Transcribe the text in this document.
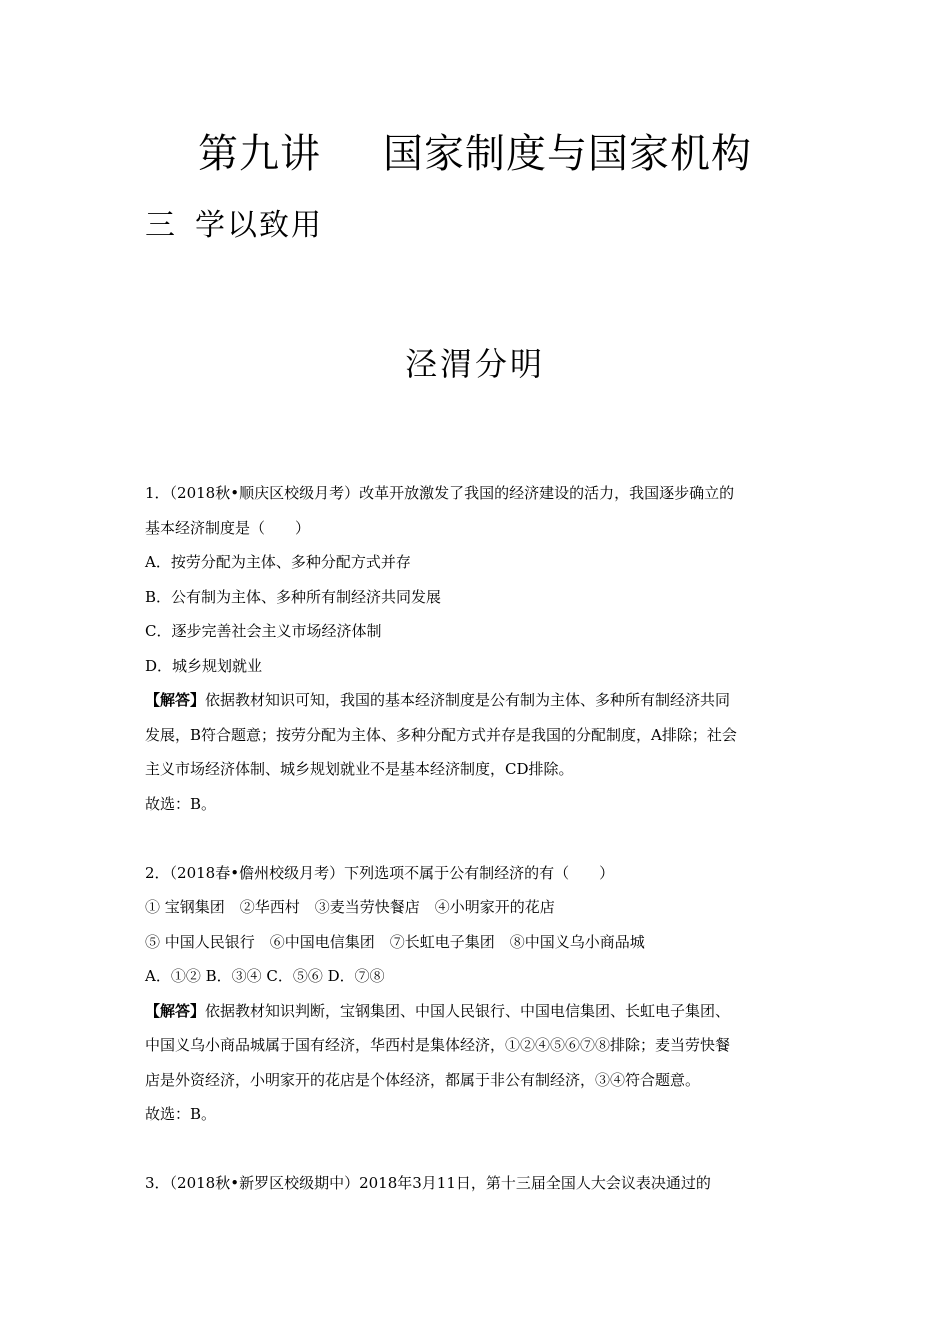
第九讲 国家制度与国家机构
三 学以致用
泾渭分明
1．（2018秋•顺庆区校级月考）改革开放激发了我国的经济建设的活力，我国逐步确立的
基本经济制度是（　　）
A．按劳分配为主体、多种分配方式并存
B．公有制为主体、多种所有制经济共同发展
C．逐步完善社会主义市场经济体制
D．城乡规划就业
【解答】依据教材知识可知，我国的基本经济制度是公有制为主体、多种所有制经济共同
发展，B符合题意；按劳分配为主体、多种分配方式并存是我国的分配制度，A排除；社会
主义市场经济体制、城乡规划就业不是基本经济制度，CD排除。
故选：B。
2．（2018春•儋州校级月考）下列选项不属于公有制经济的有（　　）
① 宝钢集团　②华西村　③麦当劳快餐店　④小明家开的花店
⑤ 中国人民银行　⑥中国电信集团　⑦长虹电子集团　⑧中国义乌小商品城
A．①② B．③④ C．⑤⑥ D．⑦⑧
【解答】依据教材知识判断，宝钢集团、中国人民银行、中国电信集团、长虹电子集团、
中国义乌小商品城属于国有经济，华西村是集体经济，①②④⑤⑥⑦⑧排除；麦当劳快餐
店是外资经济，小明家开的花店是个体经济，都属于非公有制经济，③④符合题意。
故选：B。
3．（2018秋•新罗区校级期中）2018年3月11日，第十三届全国人大会议表决通过的
